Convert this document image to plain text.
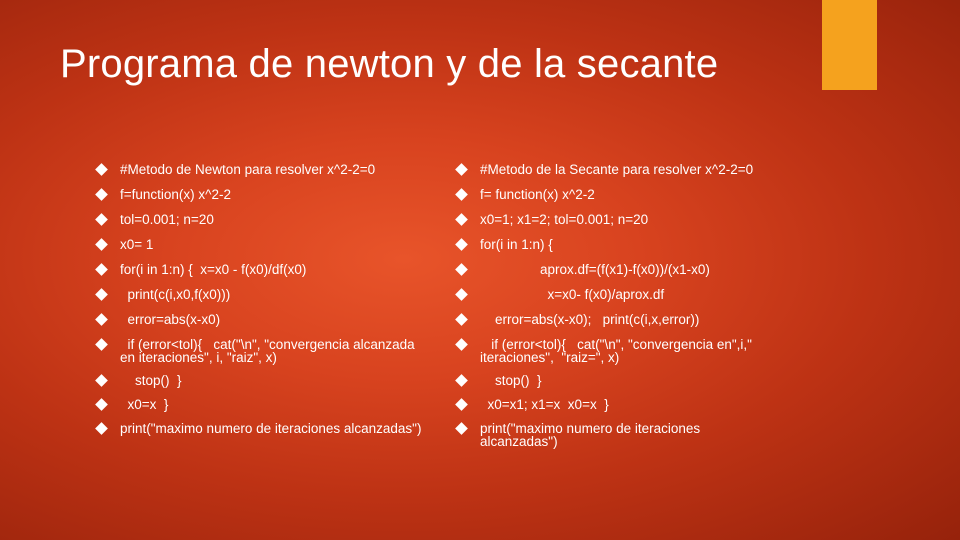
Programa de newton y de la secante
#Metodo de Newton para resolver x^2-2=0
f=function(x) x^2-2
tol=0.001; n=20
x0= 1
for(i in 1:n) {  x=x0 - f(x0)/df(x0)
print(c(i,x0,f(x0)))
error=abs(x-x0)
if (error<tol){   cat("\n", "convergencia alcanzada
en iteraciones", i, "raiz", x)
stop()  }
x0=x  }
print("maximo numero de iteraciones alcanzadas")
#Metodo de la Secante para resolver x^2-2=0
f= function(x) x^2-2
x0=1; x1=2; tol=0.001; n=20
for(i in 1:n) {
aprox.df=(f(x1)-f(x0))/(x1-x0)
x=x0- f(x0)/aprox.df
error=abs(x-x0);   print(c(i,x,error))
if (error<tol){   cat("\n", "convergencia en",i,"
iteraciones",  "raiz=", x)
stop()  }
x0=x1; x1=x  x0=x  }
print("maximo numero de iteraciones
alcanzadas")
